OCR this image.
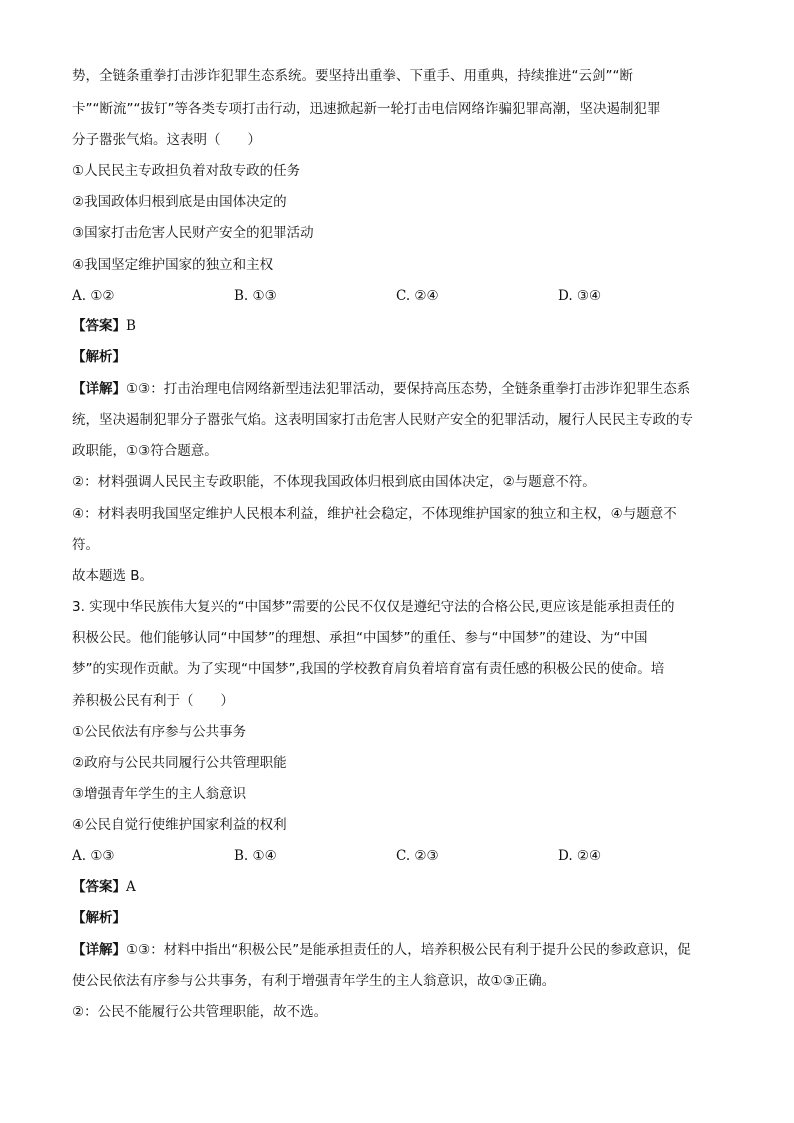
势，全链条重拳打击涉诈犯罪生态系统。要坚持出重拳、下重手、用重典，持续推进“云剑”“断
卡”“断流”“拔钉”等各类专项打击行动，迅速掀起新一轮打击电信网络诈骗犯罪高潮，坚决遏制犯罪
分子嚣张气焰。这表明（　　）
①人民民主专政担负着对敌专政的任务
②我国政体归根到底是由国体决定的
③国家打击危害人民财产安全的犯罪活动
④我国坚定维护国家的独立和主权
A. ①②	B. ①③	C. ②④	D. ③④
【答案】B
【解析】
【详解】①③：打击治理电信网络新型违法犯罪活动，要保持高压态势，全链条重拳打击涉诈犯罪生态系
统，坚决遏制犯罪分子嚣张气焰。这表明国家打击危害人民财产安全的犯罪活动，履行人民民主专政的专
政职能，①③符合题意。
②：材料强调人民民主专政职能，不体现我国政体归根到底由国体决定，②与题意不符。
④：材料表明我国坚定维护人民根本利益，维护社会稳定，不体现维护国家的独立和主权，④与题意不
符。
故本题选 B。
3. 实现中华民族伟大复兴的“中国梦”需要的公民不仅仅是遵纪守法的合格公民,更应该是能承担责任的
积极公民。他们能够认同“中国梦”的理想、承担“中国梦”的重任、参与“中国梦”的建设、为“中国
梦”的实现作贡献。为了实现“中国梦”,我国的学校教育肩负着培育富有责任感的积极公民的使命。培
养积极公民有利于（　　）
①公民依法有序参与公共事务
②政府与公民共同履行公共管理职能
③增强青年学生的主人翁意识
④公民自觉行使维护国家利益的权利
A. ①③	B. ①④	C. ②③	D. ②④
【答案】A
【解析】
【详解】①③：材料中指出“积极公民”是能承担责任的人，培养积极公民有利于提升公民的参政意识，促
使公民依法有序参与公共事务，有利于增强青年学生的主人翁意识，故①③正确。
②：公民不能履行公共管理职能，故不选。
